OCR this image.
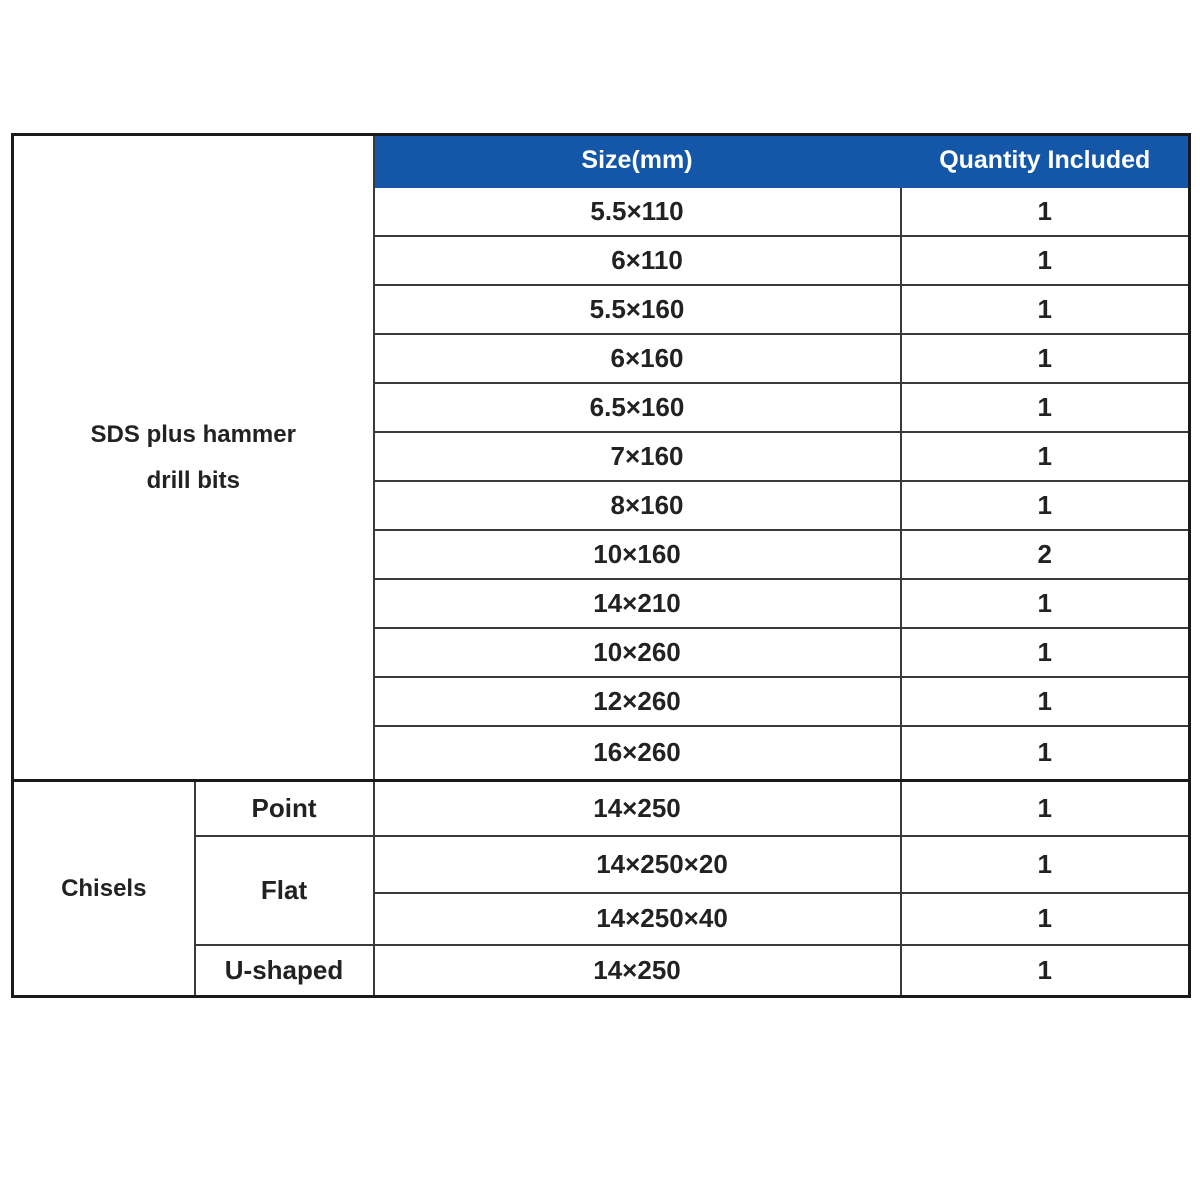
SDS plus hammer
drill bits		Size(mm)	Quantity Included
		5.5×110	1
		6×110	1
		5.5×160	1
		6×160	1
		6.5×160	1
		7×160	1
		8×160	1
		10×160	2
		14×210	1
		10×260	1
		12×260	1
		16×260	1
Chisels	Point	14×250	1
	Flat	14×250×20	1
		14×250×40	1
	U-shaped	14×250	1
